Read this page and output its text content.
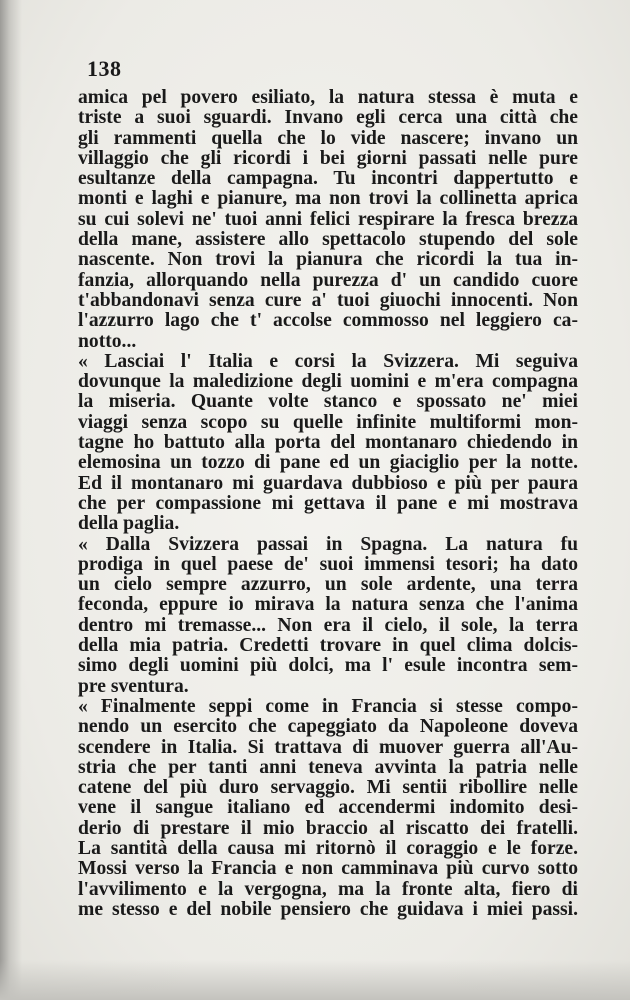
138

amica pel povero esiliato, la natura stessa è muta e
triste a suoi sguardi. Invano egli cerca una città che
gli rammenti quella che lo vide nascere; invano un
villaggio che gli ricordi i bei giorni passati nelle pure
esultanze della campagna. Tu incontri dappertutto e
monti e laghi e pianure, ma non trovi la collinetta aprica
su cui solevi ne' tuoi anni felici respirare la fresca brezza
della mane, assistere allo spettacolo stupendo del sole
nascente. Non trovi la pianura che ricordi la tua in-
fanzia, allorquando nella purezza d' un candido cuore
t'abbandonavi senza cure a' tuoi giuochi innocenti. Non
l'azzurro lago che t' accolse commosso nel leggiero ca-
notto...
« Lasciai l' Italia e corsi la Svizzera. Mi seguiva
dovunque la maledizione degli uomini e m'era compagna
la miseria. Quante volte stanco e spossato ne' miei
viaggi senza scopo su quelle infinite multiformi mon-
tagne ho battuto alla porta del montanaro chiedendo in
elemosina un tozzo di pane ed un giaciglio per la notte.
Ed il montanaro mi guardava dubbioso e più per paura
che per compassione mi gettava il pane e mi mostrava
della paglia.
« Dalla Svizzera passai in Spagna. La natura fu
prodiga in quel paese de' suoi immensi tesori; ha dato
un cielo sempre azzurro, un sole ardente, una terra
feconda, eppure io mirava la natura senza che l'anima
dentro mi tremasse... Non era il cielo, il sole, la terra
della mia patria. Credetti trovare in quel clima dolcis-
simo degli uomini più dolci, ma l' esule incontra sem-
pre sventura.
« Finalmente seppi come in Francia si stesse compo-
nendo un esercito che capeggiato da Napoleone doveva
scendere in Italia. Si trattava di muover guerra all'Au-
stria che per tanti anni teneva avvinta la patria nelle
catene del più duro servaggio. Mi sentii ribollire nelle
vene il sangue italiano ed accendermi indomito desi-
derio di prestare il mio braccio al riscatto dei fratelli.
La santità della causa mi ritornò il coraggio e le forze.
Mossi verso la Francia e non camminava più curvo sotto
l'avvilimento e la vergogna, ma la fronte alta, fiero di
me stesso e del nobile pensiero che guidava i miei passi.
